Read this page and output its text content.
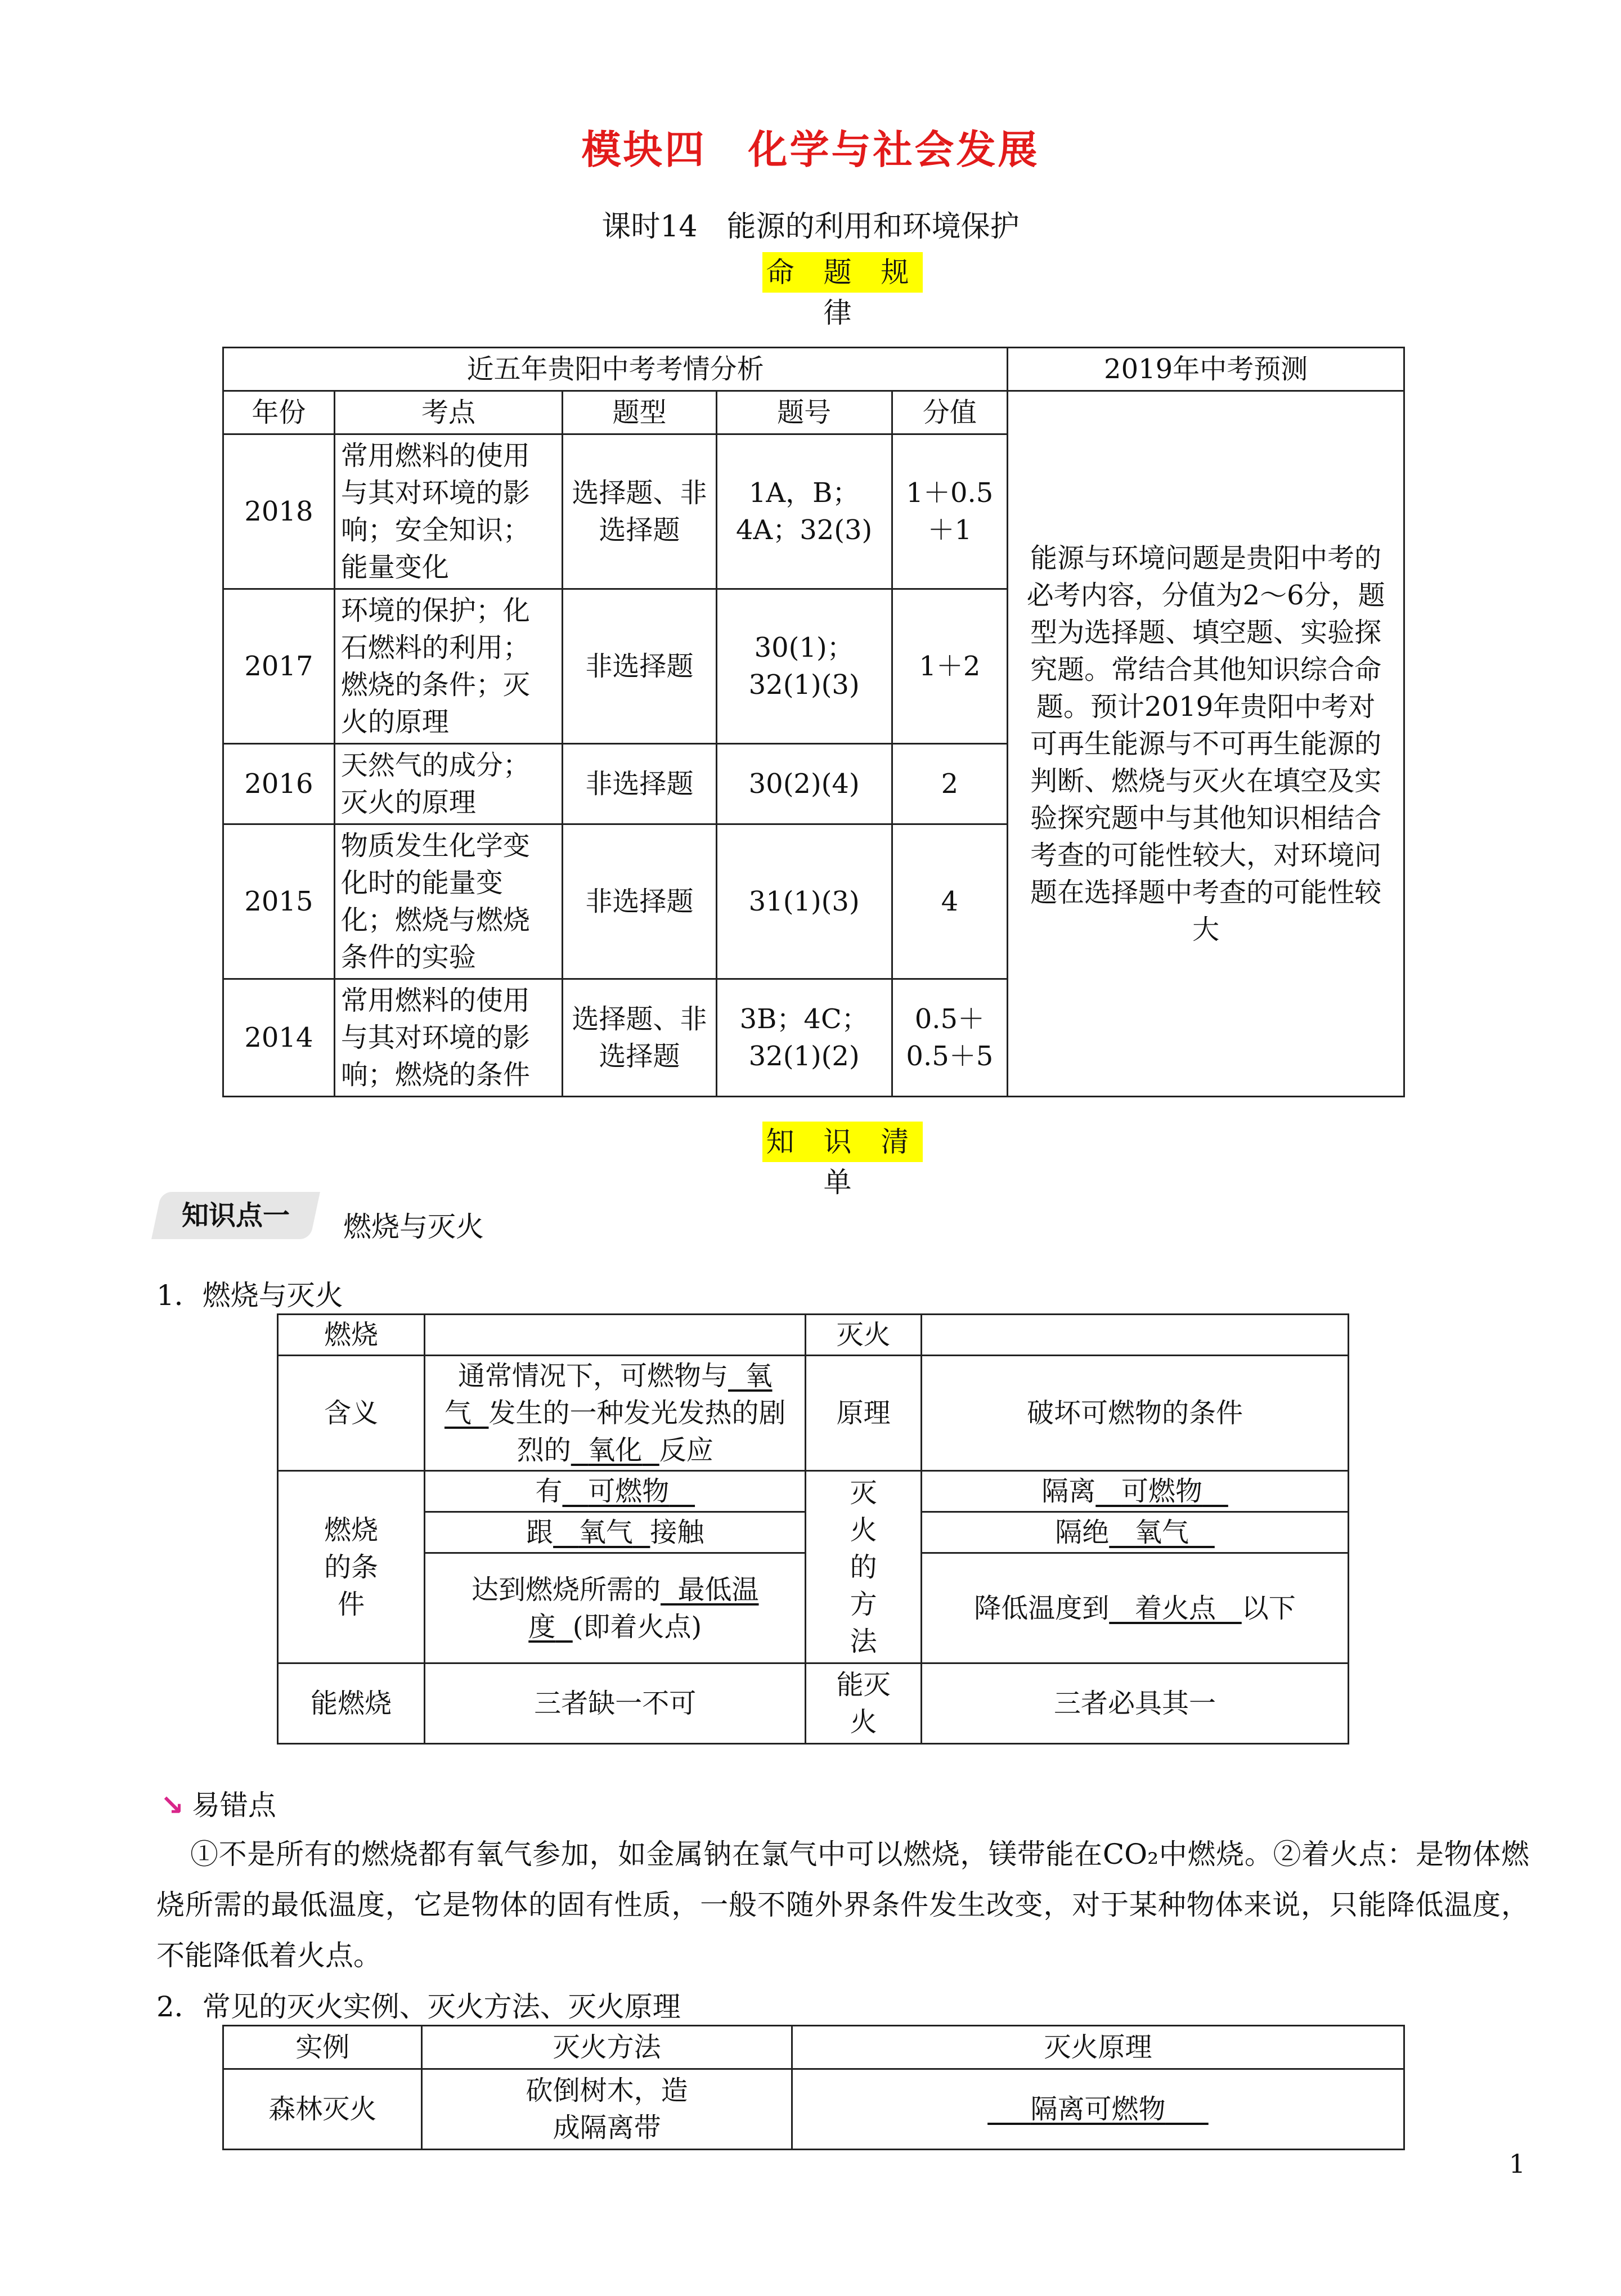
模块四　化学与社会发展
课时14　能源的利用和环境保护
命 题 规 律
近五年贵阳中考考情分析					2019年中考预测
年份	考点	题型	题号	分值	能源与环境问题是贵阳中考的必考内容，分值为2～6分，题型为选择题、填空题、实验探究题。常结合其他知识综合命题。预计2019年贵阳中考对可再生能源与不可再生能源的判断、燃烧与灭火在填空及实验探究题中与其他知识相结合考查的可能性较大，对环境问题在选择题中考查的可能性较大
2018	常用燃料的使用与其对环境的影响；安全知识；能量变化	选择题、非选择题	1A，B；4A；32(3)	1＋0.5＋1	
2017	环境的保护；化石燃料的利用；燃烧的条件；灭火的原理	非选择题	30(1)；32(1)(3)	1＋2	
2016	天然气的成分；灭火的原理	非选择题	30(2)(4)	2	
2015	物质发生化学变化时的能量变化；燃烧与燃烧条件的实验	非选择题	31(1)(3)	4	
2014	常用燃料的使用与其对环境的影响；燃烧的条件	选择题、非选择题	3B；4C；32(1)(2)	0.5＋0.5＋5	
知 识 清 单
知识点一	燃烧与灭火
1．燃烧与灭火
燃烧		灭火	
含义	通常情况下，可燃物与 氧气 发生的一种发光发热的剧烈的 氧化 反应	原理	破坏可燃物的条件

燃烧的条件	有 可燃物	灭火的方法	隔离 可燃物
	跟 氧气 接触		隔绝 氧气
	达到燃烧所需的 最低温度 (即着火点)		降低温度到 着火点 以下

能燃烧	三者缺一不可	能灭火	三者必具其一
↘ 易错点
①不是所有的燃烧都有氧气参加，如金属钠在氯气中可以燃烧，镁带能在CO₂中燃烧。②着火点：是物体燃烧所需的最低温度，它是物体的固有性质，一般不随外界条件发生改变，对于某种物体来说，只能降低温度，不能降低着火点。
2．常见的灭火实例、灭火方法、灭火原理
实例	灭火方法	灭火原理
森林灭火	砍倒树木，造成隔离带	隔离可燃物
1
